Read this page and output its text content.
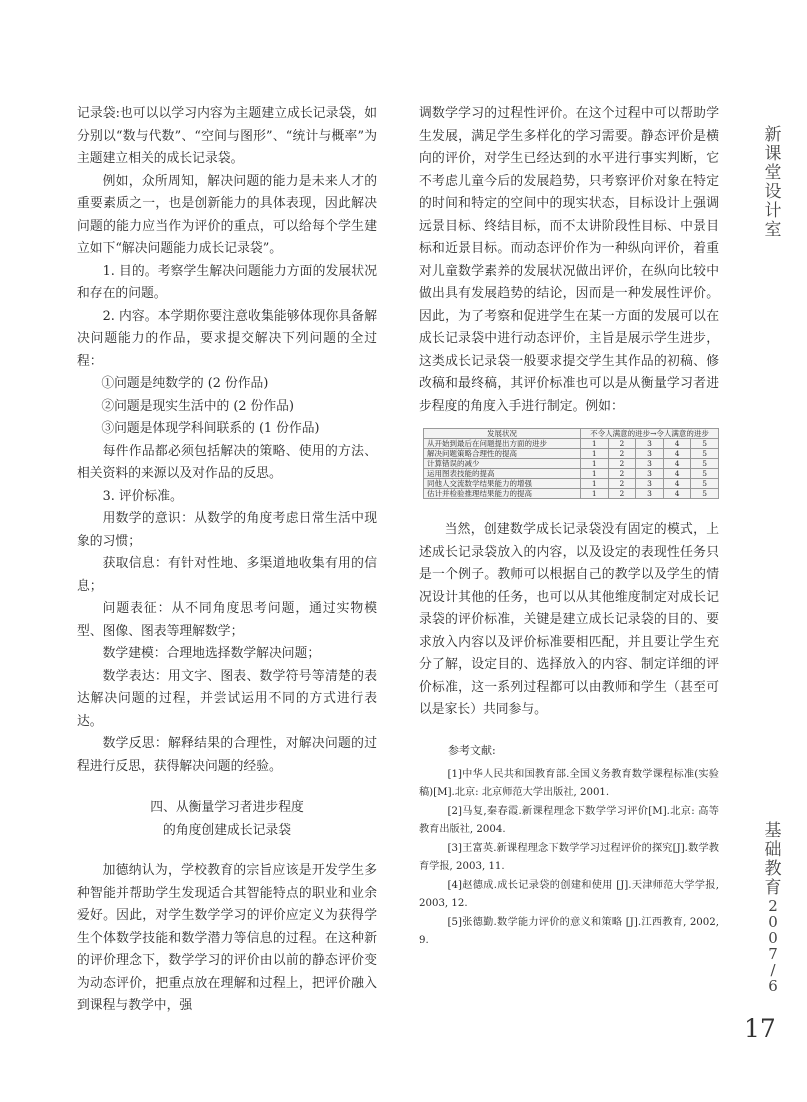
记录袋:也可以以学习内容为主题建立成长记录袋，如分别以“数与代数”、“空间与图形”、“统计与概率”为主题建立相关的成长记录袋。

例如，众所周知，解决问题的能力是未来人才的重要素质之一，也是创新能力的具体表现，因此解决问题的能力应当作为评价的重点，可以给每个学生建立如下“解决问题能力成长记录袋”。

1. 目的。考察学生解决问题能力方面的发展状况和存在的问题。

2. 内容。本学期你要注意收集能够体现你具备解决问题能力的作品，要求提交解决下列问题的全过程：

①问题是纯数学的 (2 份作品)

②问题是现实生活中的 (2 份作品)

③问题是体现学科间联系的 (1 份作品)

每件作品都必须包括解决的策略、使用的方法、相关资料的来源以及对作品的反思。

3. 评价标准。

用数学的意识：从数学的角度考虑日常生活中现象的习惯；

获取信息：有针对性地、多渠道地收集有用的信息；

问题表征：从不同角度思考问题，通过实物模型、图像、图表等理解数学；

数学建模：合理地选择数学解决问题；

数学表达：用文字、图表、数学符号等清楚的表达解决问题的过程，并尝试运用不同的方式进行表达。

数学反思：解释结果的合理性，对解决问题的过程进行反思，获得解决问题的经验。

四、从衡量学习者进步程度
的角度创建成长记录袋

加德纳认为，学校教育的宗旨应该是开发学生多种智能并帮助学生发现适合其智能特点的职业和业余爱好。因此，对学生数学学习的评价应定义为获得学生个体数学技能和数学潜力等信息的过程。在这种新的评价理念下，数学学习的评价由以前的静态评价变为动态评价，把重点放在理解和过程上，把评价融入到课程与教学中，强

调数学学习的过程性评价。在这个过程中可以帮助学生发展，满足学生多样化的学习需要。静态评价是横向的评价，对学生已经达到的水平进行事实判断，它不考虑儿童今后的发展趋势，只考察评价对象在特定的时间和特定的空间中的现实状态，目标设计上强调远景目标、终结目标，而不太讲阶段性目标、中景目标和近景目标。而动态评价作为一种纵向评价，着重对儿童数学素养的发展状况做出评价，在纵向比较中做出具有发展趋势的结论，因而是一种发展性评价。因此，为了考察和促进学生在某一方面的发展可以在成长记录袋中进行动态评价，主旨是展示学生进步，这类成长记录袋一般要求提交学生其作品的初稿、修改稿和最终稿，其评价标准也可以是从衡量学习者进步程度的角度入手进行制定。例如：

发展状况	不令人满意的进步→令人满意的进步				
从开始到最后在问题提出方面的进步	1	2	3	4	5
解决问题策略合理性的提高	1	2	3	4	5
计算错误的减少	1	2	3	4	5
运用图表技能的提高	1	2	3	4	5
同他人交流数学结果能力的增强	1	2	3	4	5
估计并检验推理结果能力的提高	1	2	3	4	5

当然，创建数学成长记录袋没有固定的模式，上述成长记录袋放入的内容，以及设定的表现性任务只是一个例子。教师可以根据自己的教学以及学生的情况设计其他的任务，也可以从其他维度制定对成长记录袋的评价标准，关键是建立成长记录袋的目的、要求放入内容以及评价标准要相匹配，并且要让学生充分了解，设定目的、选择放入的内容、制定详细的评价标准，这一系列过程都可以由教师和学生（甚至可以是家长）共同参与。

参考文献:

[1]中华人民共和国教育部.全国义务教育数学课程标准(实验稿)[M].北京: 北京师范大学出版社, 2001.

[2]马复,秦春霞.新课程理念下数学学习评价[M].北京: 高等教育出版社, 2004.

[3]王富英.新课程理念下数学学习过程评价的探究[J].数学教育学报, 2003, 11.

[4]赵德成.成长记录袋的创建和使用 [J].天津师范大学学报, 2003, 12.

[5]张德勤.数学能力评价的意义和策略 [J].江西教育, 2002, 9.

新
课
堂
设
计
室
基
础
教
育
2
0
0
7
/
6
17
